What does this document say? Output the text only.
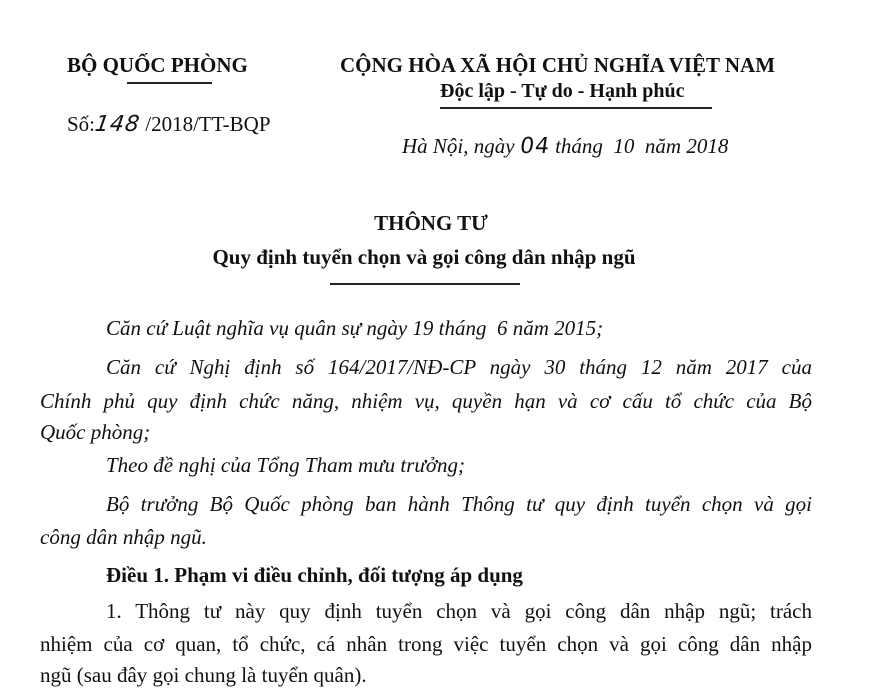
BỘ QUỐC PHÒNG	CỘNG HÒA XÃ HỘI CHỦ NGHĨA VIỆT NAM
Độc lập - Tự do - Hạnh phúc
Số:148 /2018/TT-BQP
Hà Nội, ngày 04 tháng  10  năm 2018
THÔNG TƯ
Quy định tuyển chọn và gọi công dân nhập ngũ
Căn cứ Luật nghĩa vụ quân sự ngày 19 tháng  6 năm 2015;
Căn cứ Nghị định số 164/2017/NĐ-CP ngày 30 tháng 12 năm 2017 của
Chính phủ quy định chức năng, nhiệm vụ, quyền hạn và cơ cấu tổ chức của Bộ
Quốc phòng;
Theo đề nghị của Tổng Tham mưu trưởng;
Bộ trưởng Bộ Quốc phòng ban hành Thông tư quy định tuyển chọn và gọi
công dân nhập ngũ.
Điều 1. Phạm vi điều chỉnh, đối tượng áp dụng
1. Thông tư này quy định tuyển chọn và gọi công dân nhập ngũ; trách
nhiệm của cơ quan, tổ chức, cá nhân trong việc tuyển chọn và gọi công dân nhập
ngũ (sau đây gọi chung là tuyển quân).
